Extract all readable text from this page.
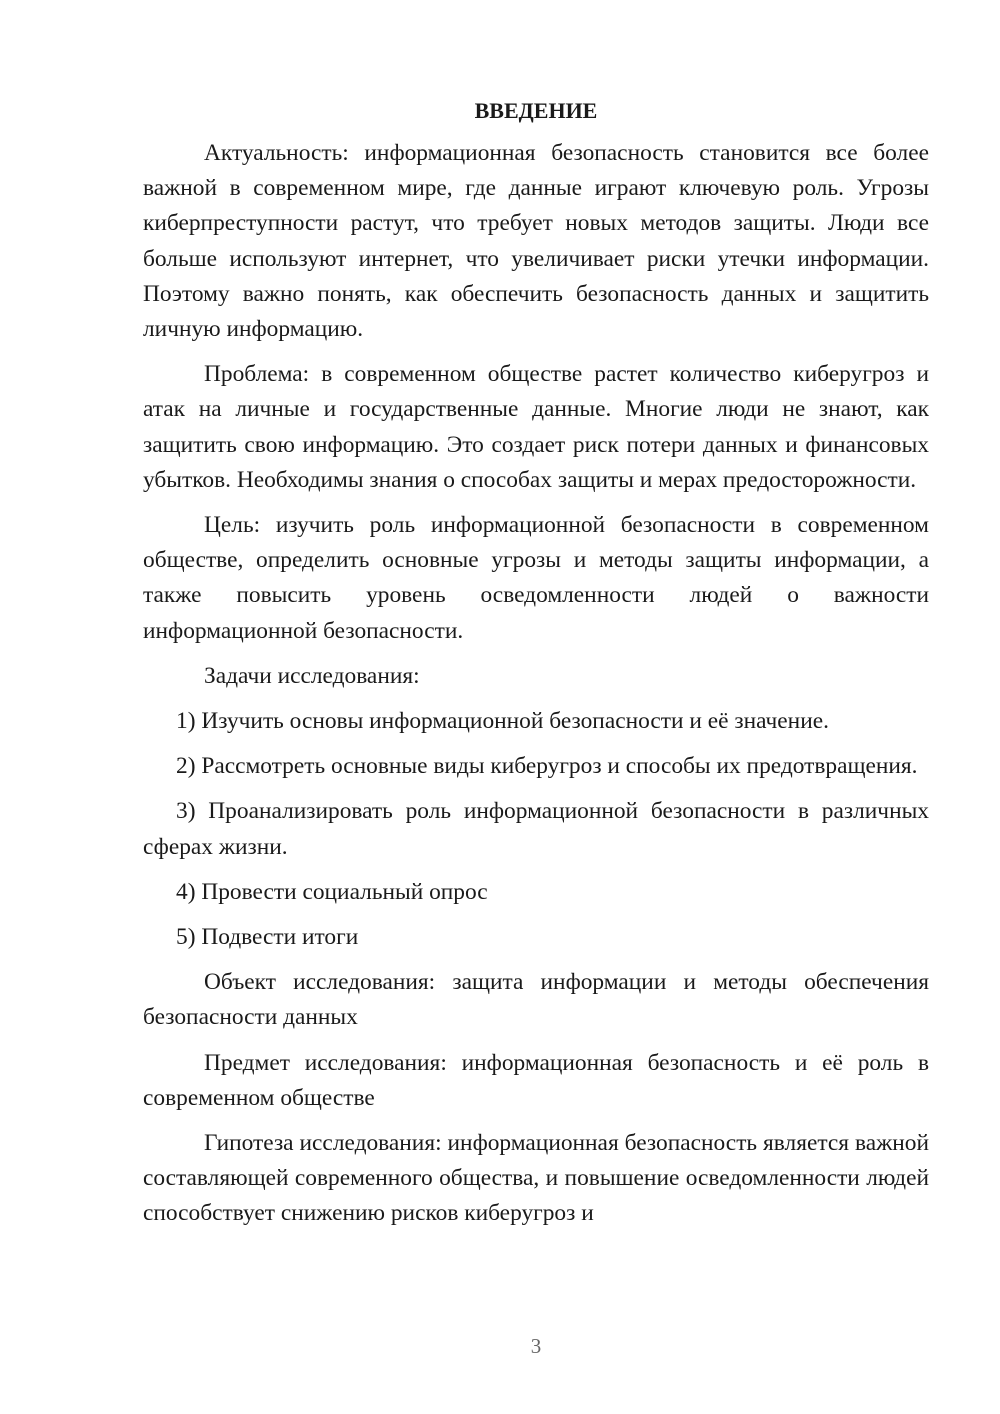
ВВЕДЕНИЕ

Актуальность: информационная безопасность становится все более важной в современном мире, где данные играют ключевую роль. Угрозы киберпреступности растут, что требует новых методов защиты. Люди все больше используют интернет, что увеличивает риски утечки информации. Поэтому важно понять, как обеспечить безопасность данных и защитить личную информацию.

Проблема: в современном обществе растет количество киберугроз и атак на личные и государственные данные. Многие люди не знают, как защитить свою информацию. Это создает риск потери данных и финансовых убытков. Необходимы знания о способах защиты и мерах предосторожности.

Цель: изучить роль информационной безопасности в современном обществе, определить основные угрозы и методы защиты информации, а также повысить уровень осведомленности людей о важности информационной безопасности.

Задачи исследования:

1) Изучить основы информационной безопасности и её значение.

2) Рассмотреть основные виды киберугроз и способы их предотвращения.

3) Проанализировать роль информационной безопасности в различных сферах жизни.

4) Провести социальный опрос

5) Подвести итоги

Объект исследования: защита информации и методы обеспечения безопасности данных

Предмет исследования: информационная безопасность и её роль в современном обществе

Гипотеза исследования: информационная безопасность является важной составляющей современного общества, и повышение осведомленности людей способствует снижению рисков киберугроз и

3
